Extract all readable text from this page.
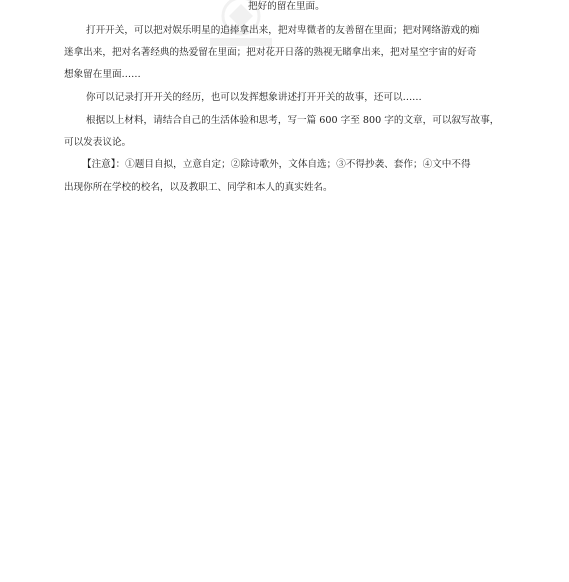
把好的留在里面。
打开开关，可以把对娱乐明星的追捧拿出来，把对卑微者的友善留在里面；把对网络游戏的痴
迷拿出来，把对名著经典的热爱留在里面；把对花开日落的熟视无睹拿出来，把对星空宇宙的好奇
想象留在里面……
你可以记录打开开关的经历，也可以发挥想象讲述打开开关的故事，还可以……
根据以上材料，请结合自己的生活体验和思考，写一篇 600 字至 800 字的文章，可以叙写故事，
可以发表议论。
【注意】：①题目自拟，立意自定；②除诗歌外，文体自选；③不得抄袭、套作；④文中不得
出现你所在学校的校名，以及教职工、同学和本人的真实姓名。
